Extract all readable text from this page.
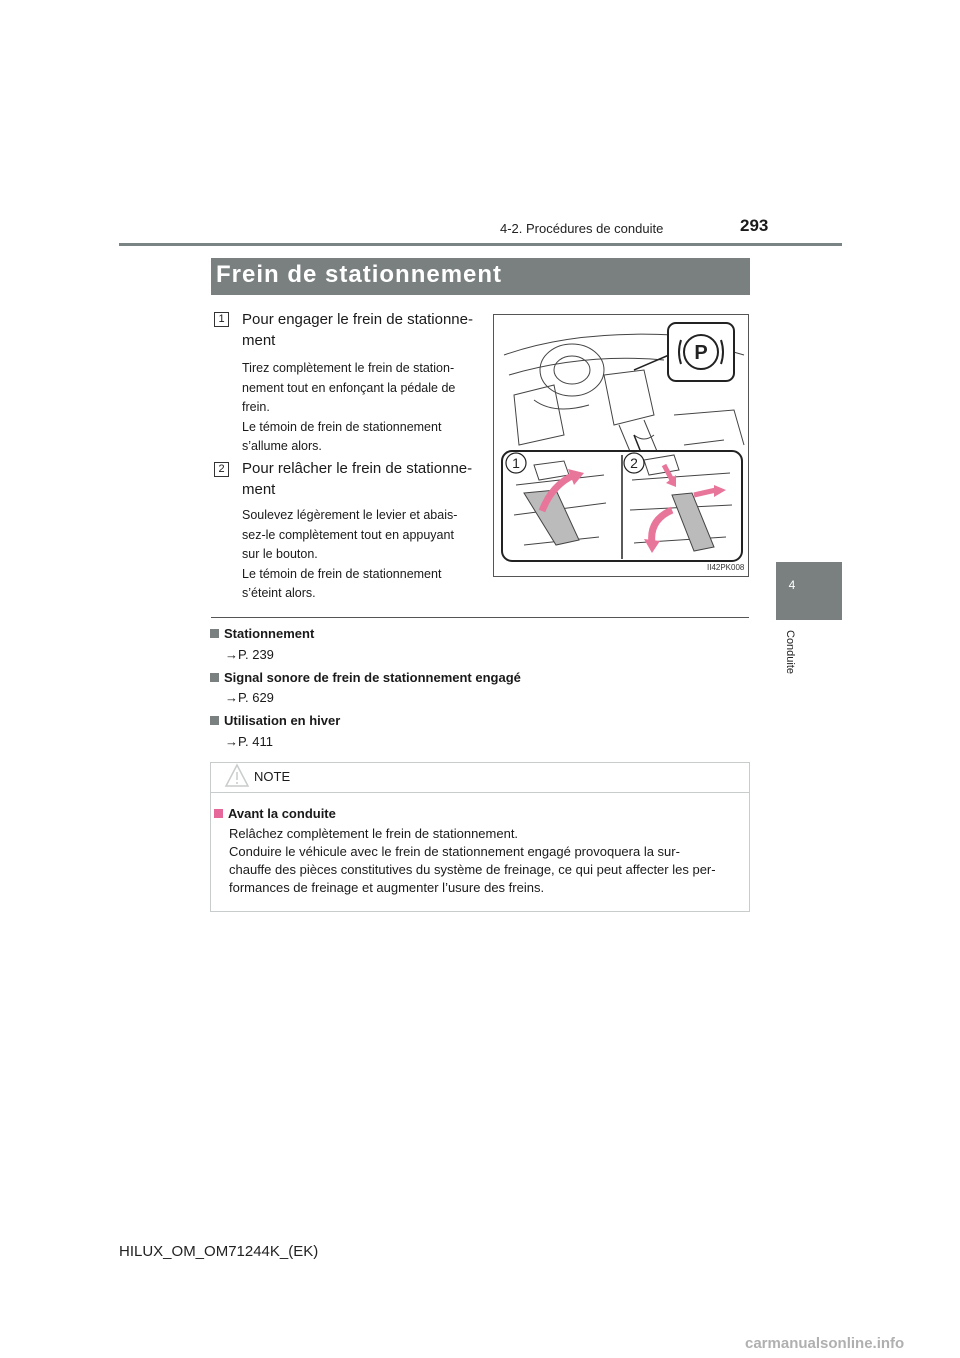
4-2. Procédures de conduite	293
4
Conduite
Frein de stationnement
1 Pour engager le frein de stationne-
ment
Tirez complètement le frein de station-
nement tout en enfonçant la pédale de
frein.
Le témoin de frein de stationnement
s’allume alors.
2 Pour relâcher le frein de stationne-
ment
Soulevez légèrement le levier et abais-
sez-le complètement tout en appuyant
sur le bouton.
Le témoin de frein de stationnement
s’éteint alors.
P
1	2
II42PK008
Stationnement
→P. 239
Signal sonore de frein de stationnement engagé
→P. 629
Utilisation en hiver
→P. 411
NOTE
Avant la conduite
Relâchez complètement le frein de stationnement.
Conduire le véhicule avec le frein de stationnement engagé provoquera la sur-
chauffe des pièces constitutives du système de freinage, ce qui peut affecter les per-
formances de freinage et augmenter l’usure des freins.
HILUX_OM_OM71244K_(EK)
carmanualsonline.info
